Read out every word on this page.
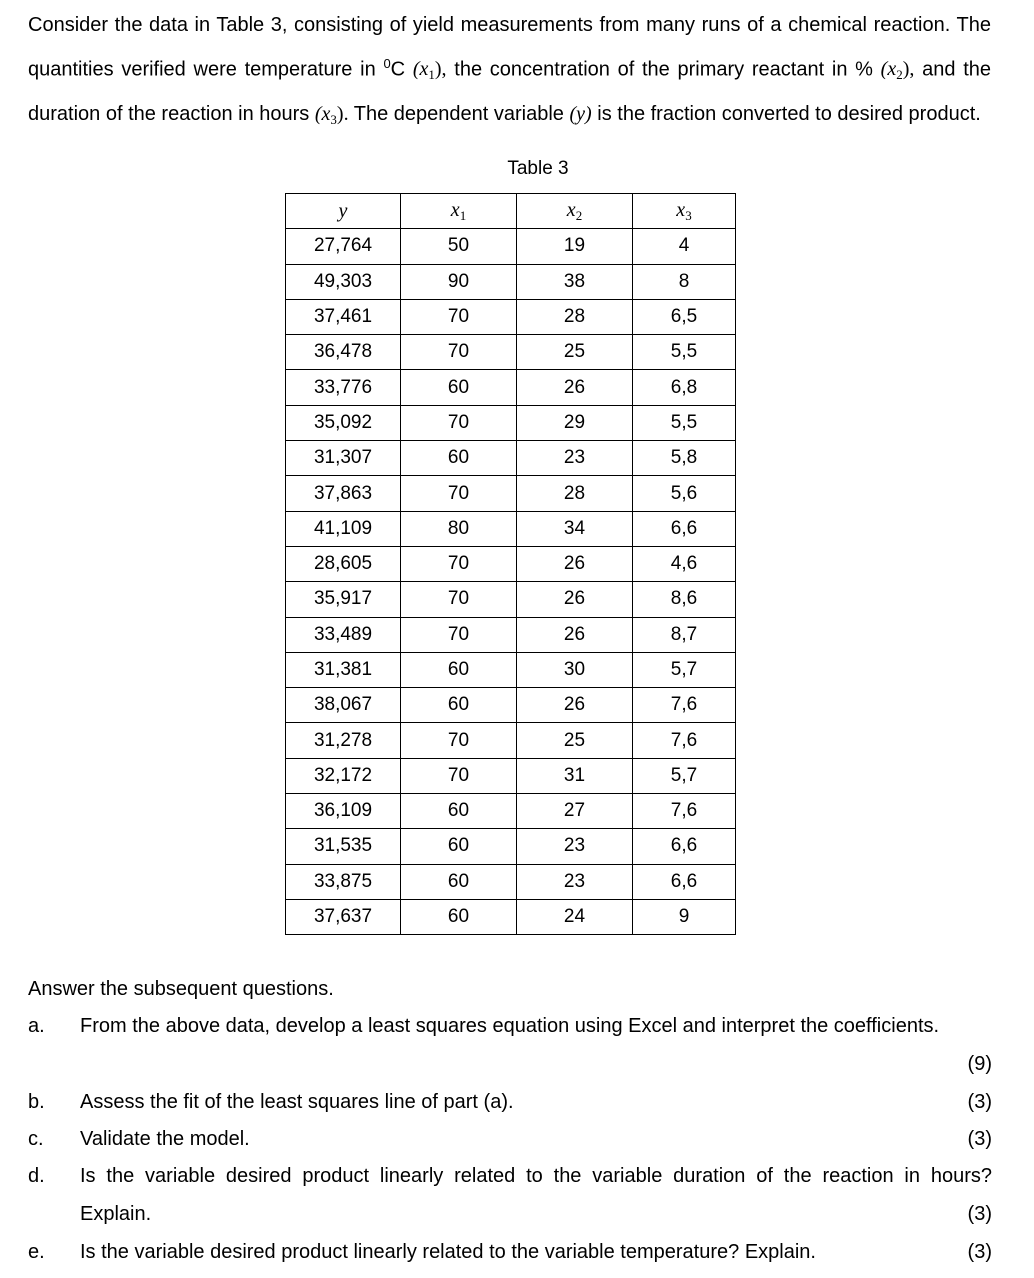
Consider the data in Table 3, consisting of yield measurements from many runs of a chemical reaction. The quantities verified were temperature in $^0$C $(x_1)$, the concentration of the primary reactant in % $(x_2)$, and the duration of the reaction in hours $(x_3)$. The dependent variable (y) is the fraction converted to desired product.
Table 3
y	$x_1$	$x_2$	$x_3$
27,764	50	19	4
49,303	90	38	8
37,461	70	28	6,5
36,478	70	25	5,5
33,776	60	26	6,8
35,092	70	29	5,5
31,307	60	23	5,8
37,863	70	28	5,6
41,109	80	34	6,6
28,605	70	26	4,6
35,917	70	26	8,6
33,489	70	26	8,7
31,381	60	30	5,7
38,067	60	26	7,6
31,278	70	25	7,6
32,172	70	31	5,7
36,109	60	27	7,6
31,535	60	23	6,6
33,875	60	23	6,6
37,637	60	24	9
Answer the subsequent questions.
a. From the above data, develop a least squares equation using Excel and interpret the coefficients.
(9)
b. Assess the fit of the least squares line of part (a).	(3)
c. Validate the model.	(3)
d. Is the variable desired product linearly related to the variable duration of the reaction in hours?
Explain.	(3)
e. Is the variable desired product linearly related to the variable temperature? Explain.	(3)
